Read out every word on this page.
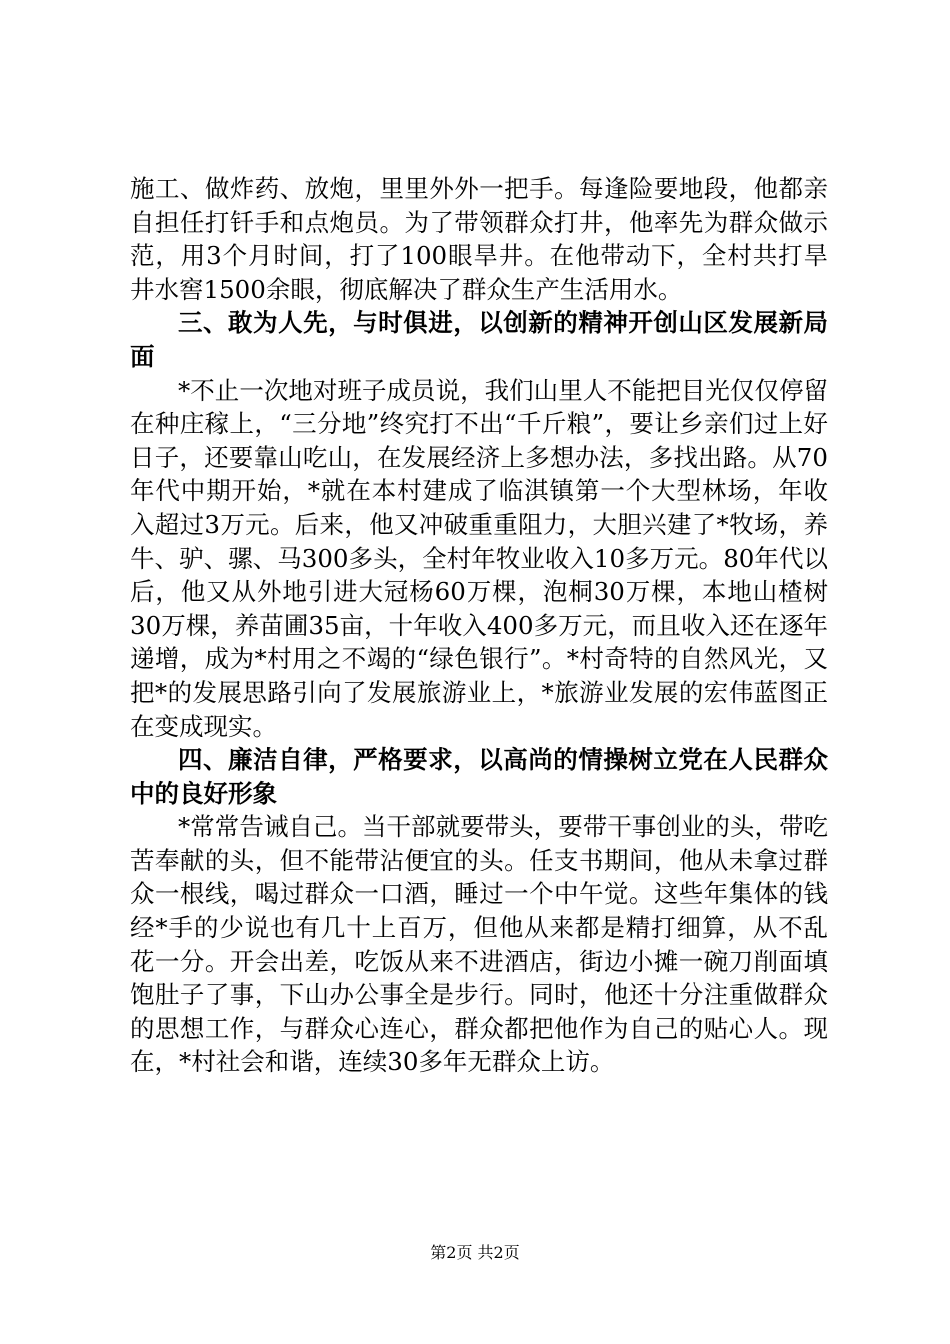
施工、做炸药、放炮，里里外外一把手。每逢险要地段，他都亲自担任打钎手和点炮员。为了带领群众打井，他率先为群众做示范，用3个月时间，打了100眼旱井。在他带动下，全村共打旱井水窖1500余眼，彻底解决了群众生产生活用水。

三、敢为人先，与时俱进，以创新的精神开创山区发展新局面

*不止一次地对班子成员说，我们山里人不能把目光仅仅停留在种庄稼上，“三分地”终究打不出“千斤粮”，要让乡亲们过上好日子，还要靠山吃山，在发展经济上多想办法，多找出路。从70年代中期开始，*就在本村建成了临淇镇第一个大型林场，年收入超过3万元。后来，他又冲破重重阻力，大胆兴建了*牧场，养牛、驴、骡、马300多头，全村年牧业收入10多万元。80年代以后，他又从外地引进大冠杨60万棵，泡桐30万棵，本地山楂树30万棵，养苗圃35亩，十年收入400多万元，而且收入还在逐年递增，成为*村用之不竭的“绿色银行”。*村奇特的自然风光，又把*的发展思路引向了发展旅游业上，*旅游业发展的宏伟蓝图正在变成现实。

四、廉洁自律，严格要求，以高尚的情操树立党在人民群众中的良好形象

*常常告诫自己。当干部就要带头，要带干事创业的头，带吃苦奉献的头，但不能带沾便宜的头。任支书期间，他从未拿过群众一根线，喝过群众一口酒，睡过一个中午觉。这些年集体的钱经*手的少说也有几十上百万，但他从来都是精打细算，从不乱花一分。开会出差，吃饭从来不进酒店，街边小摊一碗刀削面填饱肚子了事，下山办公事全是步行。同时，他还十分注重做群众的思想工作，与群众心连心，群众都把他作为自己的贴心人。现在，*村社会和谐，连续30多年无群众上访。

第2页 共2页
